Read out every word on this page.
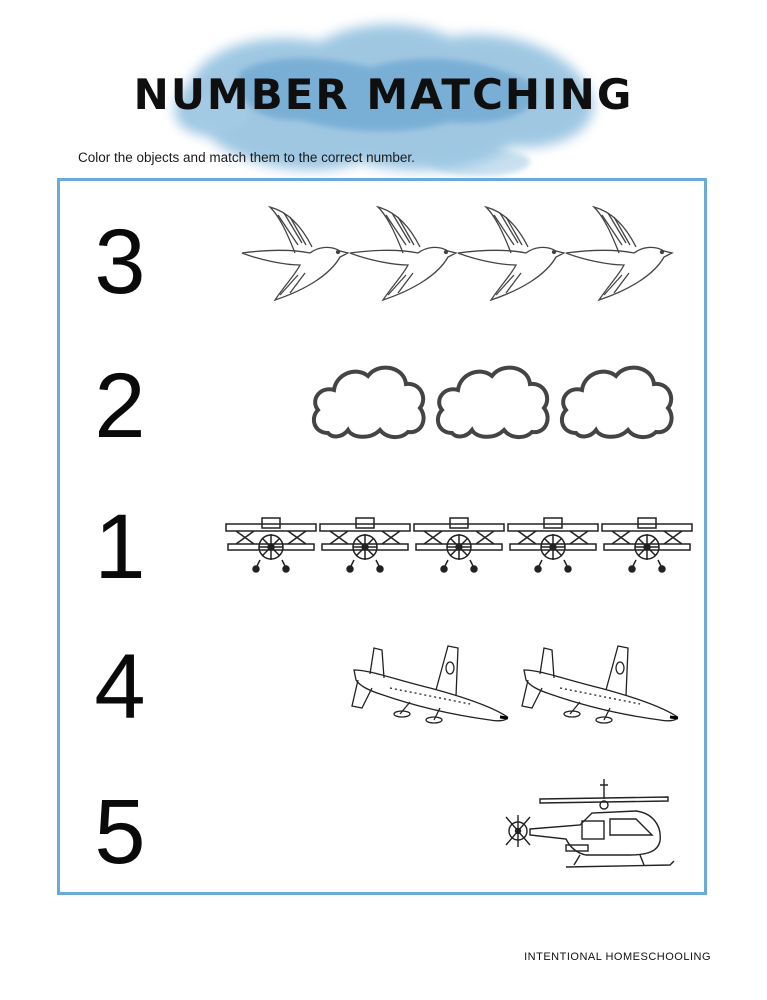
NUMBER MATCHING
Color the objects and match them to the correct number.
3
2
1
4
5
INTENTIONAL HOMESCHOOLING
